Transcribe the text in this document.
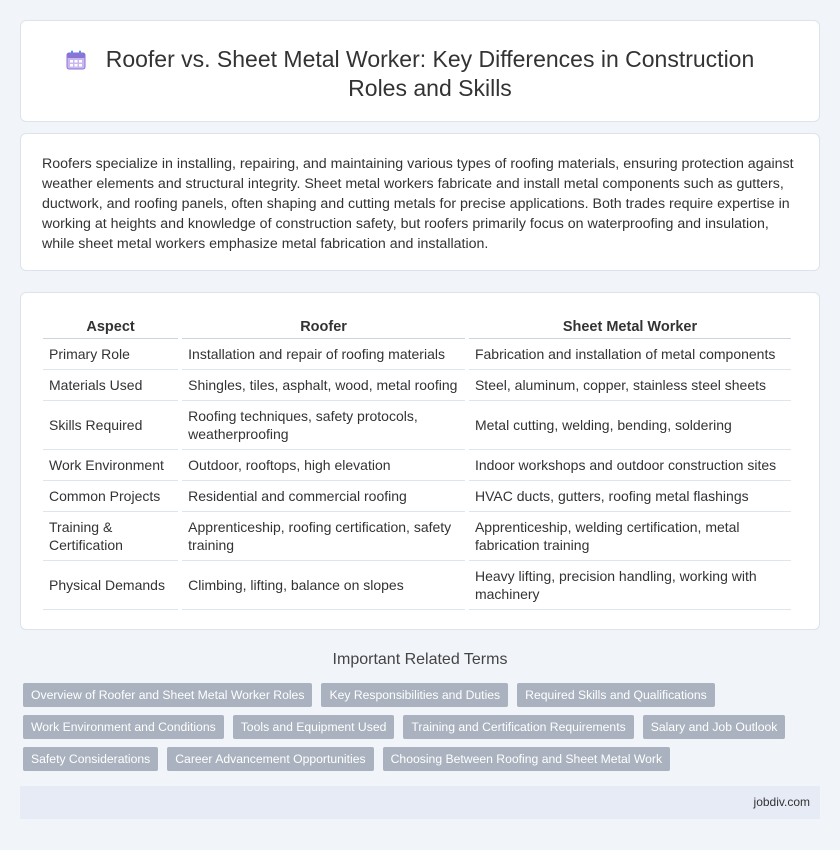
Roofer vs. Sheet Metal Worker: Key Differences in Construction Roles and Skills

Roofers specialize in installing, repairing, and maintaining various types of roofing materials, ensuring protection against weather elements and structural integrity. Sheet metal workers fabricate and install metal components such as gutters, ductwork, and roofing panels, often shaping and cutting metals for precise applications. Both trades require expertise in working at heights and knowledge of construction safety, but roofers primarily focus on waterproofing and insulation, while sheet metal workers emphasize metal fabrication and installation.

Aspect	Roofer	Sheet Metal Worker
Primary Role	Installation and repair of roofing materials	Fabrication and installation of metal components
Materials Used	Shingles, tiles, asphalt, wood, metal roofing	Steel, aluminum, copper, stainless steel sheets
Skills Required	Roofing techniques, safety protocols, weatherproofing	Metal cutting, welding, bending, soldering
Work Environment	Outdoor, rooftops, high elevation	Indoor workshops and outdoor construction sites
Common Projects	Residential and commercial roofing	HVAC ducts, gutters, roofing metal flashings
Training & Certification	Apprenticeship, roofing certification, safety training	Apprenticeship, welding certification, metal fabrication training
Physical Demands	Climbing, lifting, balance on slopes	Heavy lifting, precision handling, working with machinery
Important Related Terms
Overview of Roofer and Sheet Metal Worker Roles	Key Responsibilities and Duties	Required Skills and Qualifications
Work Environment and Conditions	Tools and Equipment Used	Training and Certification Requirements	Salary and Job Outlook
Safety Considerations	Career Advancement Opportunities	Choosing Between Roofing and Sheet Metal Work
jobdiv.com
